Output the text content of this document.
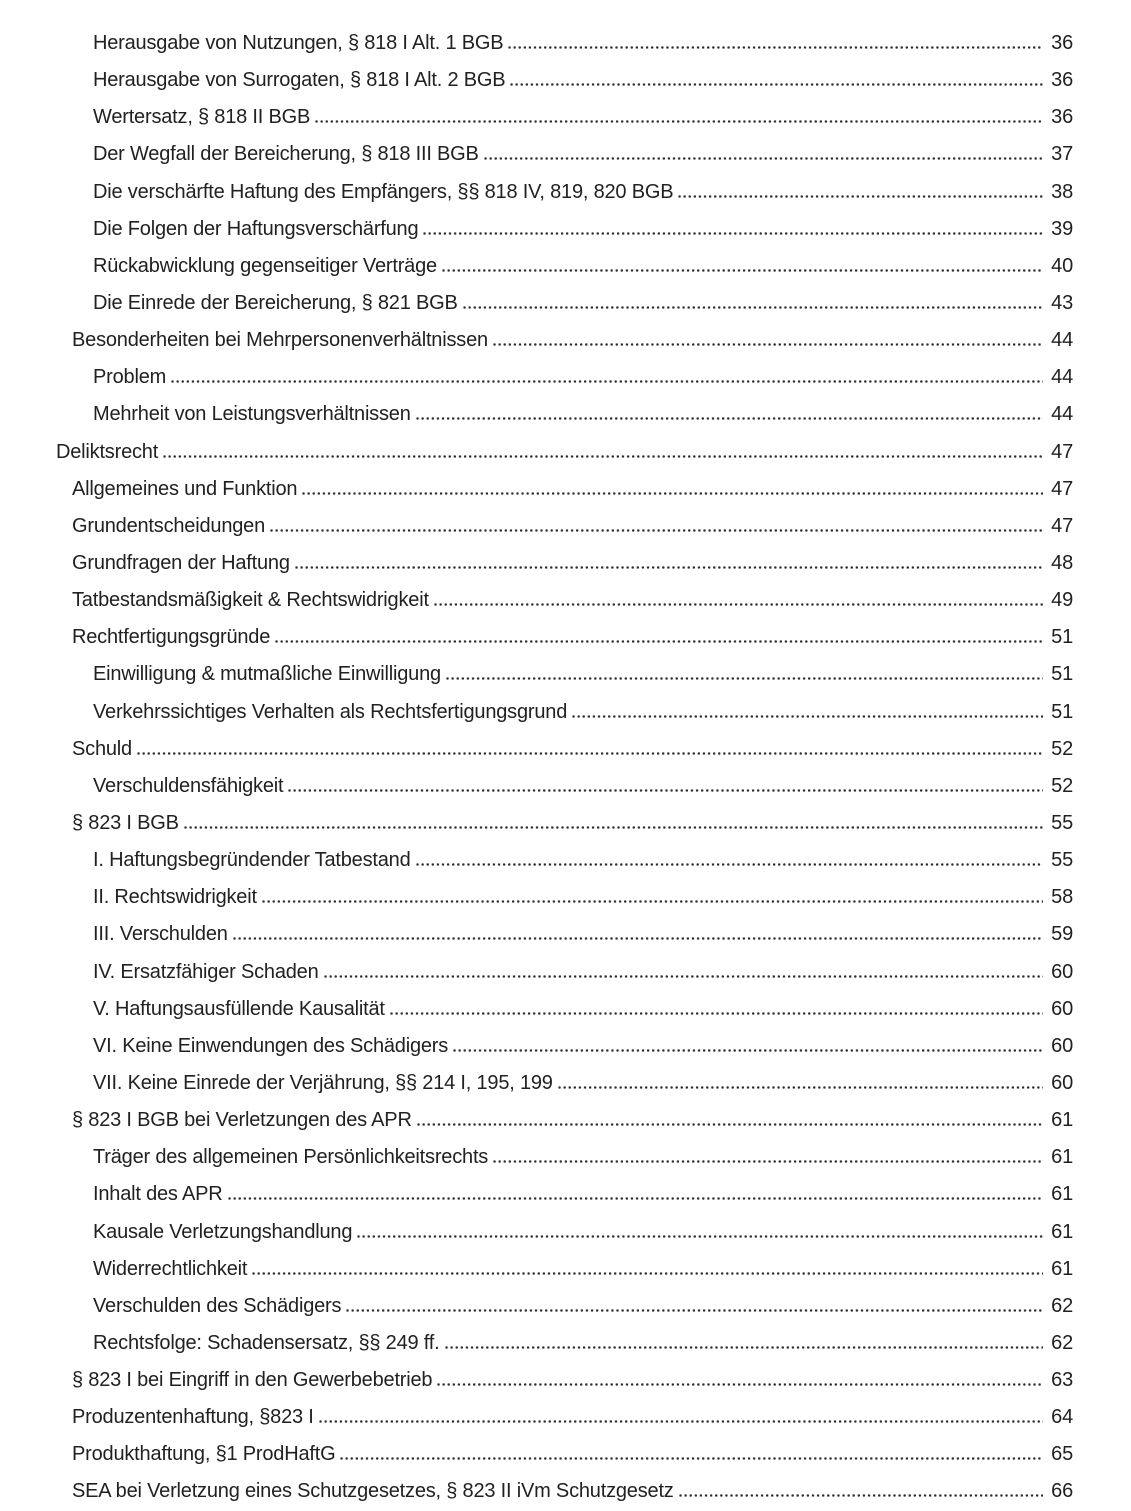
Herausgabe von Nutzungen, § 818 I Alt. 1 BGB	36
Herausgabe von Surrogaten, § 818 I Alt. 2 BGB	36
Wertersatz, § 818 II BGB	36
Der Wegfall der Bereicherung, § 818 III BGB	37
Die verschärfte Haftung des Empfängers, §§ 818 IV, 819, 820 BGB	38
Die Folgen der Haftungsverschärfung	39
Rückabwicklung gegenseitiger Verträge	40
Die Einrede der Bereicherung, § 821 BGB	43
Besonderheiten bei Mehrpersonenverhältnissen	44
Problem	44
Mehrheit von Leistungsverhältnissen	44
Deliktsrecht	47
Allgemeines und Funktion	47
Grundentscheidungen	47
Grundfragen der Haftung	48
Tatbestandsmäßigkeit & Rechtswidrigkeit	49
Rechtfertigungsgründe	51
Einwilligung & mutmaßliche Einwilligung	51
Verkehrssichtiges Verhalten als Rechtsfertigungsgrund	51
Schuld	52
Verschuldensfähigkeit	52
§ 823 I BGB	55
I. Haftungsbegründender Tatbestand	55
II. Rechtswidrigkeit	58
III. Verschulden	59
IV. Ersatzfähiger Schaden	60
V. Haftungsausfüllende Kausalität	60
VI. Keine Einwendungen des Schädigers	60
VII. Keine Einrede der Verjährung, §§ 214 I, 195, 199	60
§ 823 I BGB bei Verletzungen des APR	61
Träger des allgemeinen Persönlichkeitsrechts	61
Inhalt des APR	61
Kausale Verletzungshandlung	61
Widerrechtlichkeit	61
Verschulden des Schädigers	62
Rechtsfolge: Schadensersatz, §§ 249 ff.	62
§ 823 I bei Eingriff in den Gewerbebetrieb	63
Produzentenhaftung, §823 I	64
Produkthaftung, §1 ProdHaftG	65
SEA bei Verletzung eines Schutzgesetzes, § 823 II iVm Schutzgesetz	66
